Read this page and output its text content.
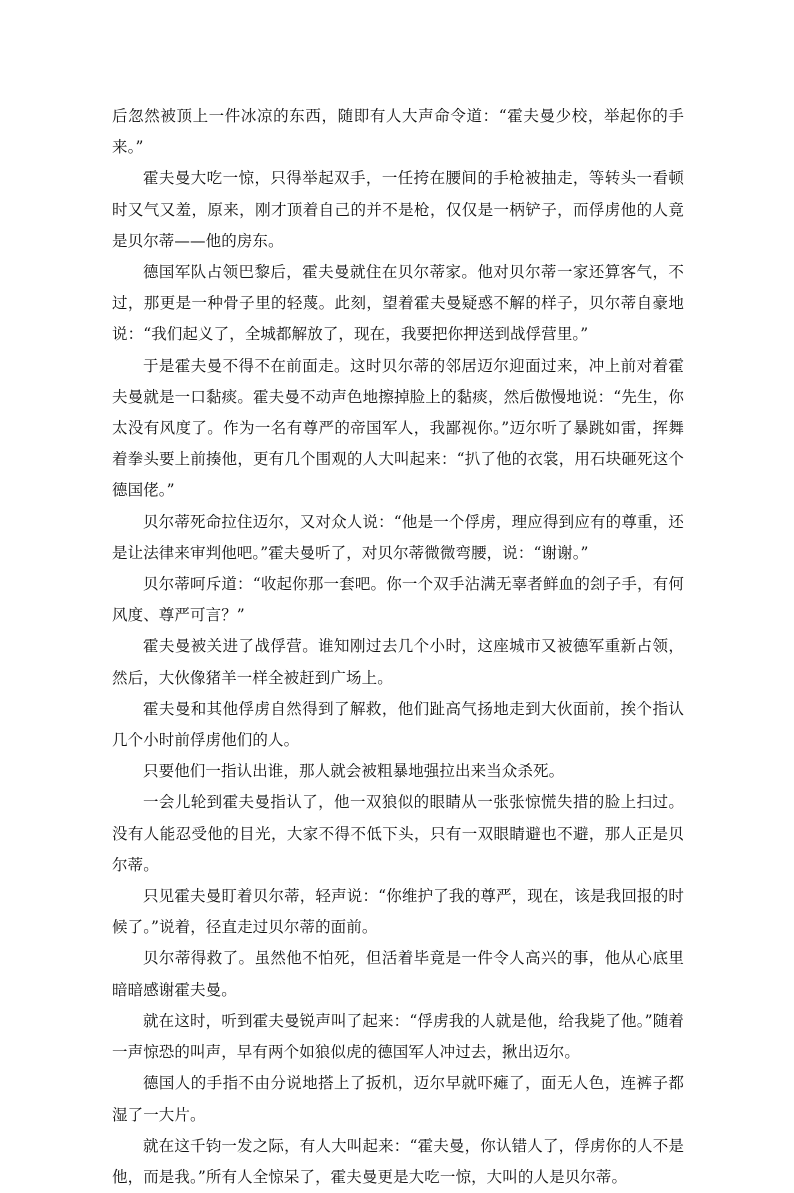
后忽然被顶上一件冰凉的东西，随即有人大声命令道：“霍夫曼少校，举起你的手来。”

霍夫曼大吃一惊，只得举起双手，一任挎在腰间的手枪被抽走，等转头一看顿时又气又羞，原来，刚才顶着自己的并不是枪，仅仅是一柄铲子，而俘虏他的人竟是贝尔蒂——他的房东。

德国军队占领巴黎后，霍夫曼就住在贝尔蒂家。他对贝尔蒂一家还算客气，不过，那更是一种骨子里的轻蔑。此刻，望着霍夫曼疑惑不解的样子，贝尔蒂自豪地说：“我们起义了，全城都解放了，现在，我要把你押送到战俘营里。”

于是霍夫曼不得不在前面走。这时贝尔蒂的邻居迈尔迎面过来，冲上前对着霍夫曼就是一口黏痰。霍夫曼不动声色地擦掉脸上的黏痰，然后傲慢地说：“先生，你太没有风度了。作为一名有尊严的帝国军人，我鄙视你。”迈尔听了暴跳如雷，挥舞着拳头要上前揍他，更有几个围观的人大叫起来：“扒了他的衣裳，用石块砸死这个德国佬。”

贝尔蒂死命拉住迈尔，又对众人说：“他是一个俘虏，理应得到应有的尊重，还是让法律来审判他吧。”霍夫曼听了，对贝尔蒂微微弯腰，说：“谢谢。”

贝尔蒂呵斥道：“收起你那一套吧。你一个双手沾满无辜者鲜血的刽子手，有何风度、尊严可言？”

霍夫曼被关进了战俘营。谁知刚过去几个小时，这座城市又被德军重新占领，然后，大伙像猪羊一样全被赶到广场上。

霍夫曼和其他俘虏自然得到了解救，他们趾高气扬地走到大伙面前，挨个指认几个小时前俘虏他们的人。

只要他们一指认出谁，那人就会被粗暴地强拉出来当众杀死。

一会儿轮到霍夫曼指认了，他一双狼似的眼睛从一张张惊慌失措的脸上扫过。没有人能忍受他的目光，大家不得不低下头，只有一双眼睛避也不避，那人正是贝尔蒂。

只见霍夫曼盯着贝尔蒂，轻声说：“你维护了我的尊严，现在，该是我回报的时候了。”说着，径直走过贝尔蒂的面前。

贝尔蒂得救了。虽然他不怕死，但活着毕竟是一件令人高兴的事，他从心底里暗暗感谢霍夫曼。

就在这时，听到霍夫曼锐声叫了起来：“俘虏我的人就是他，给我毙了他。”随着一声惊恐的叫声，早有两个如狼似虎的德国军人冲过去，揪出迈尔。

德国人的手指不由分说地搭上了扳机，迈尔早就吓瘫了，面无人色，连裤子都湿了一大片。

就在这千钧一发之际，有人大叫起来：“霍夫曼，你认错人了，俘虏你的人不是他，而是我。”所有人全惊呆了，霍夫曼更是大吃一惊，大叫的人是贝尔蒂。
